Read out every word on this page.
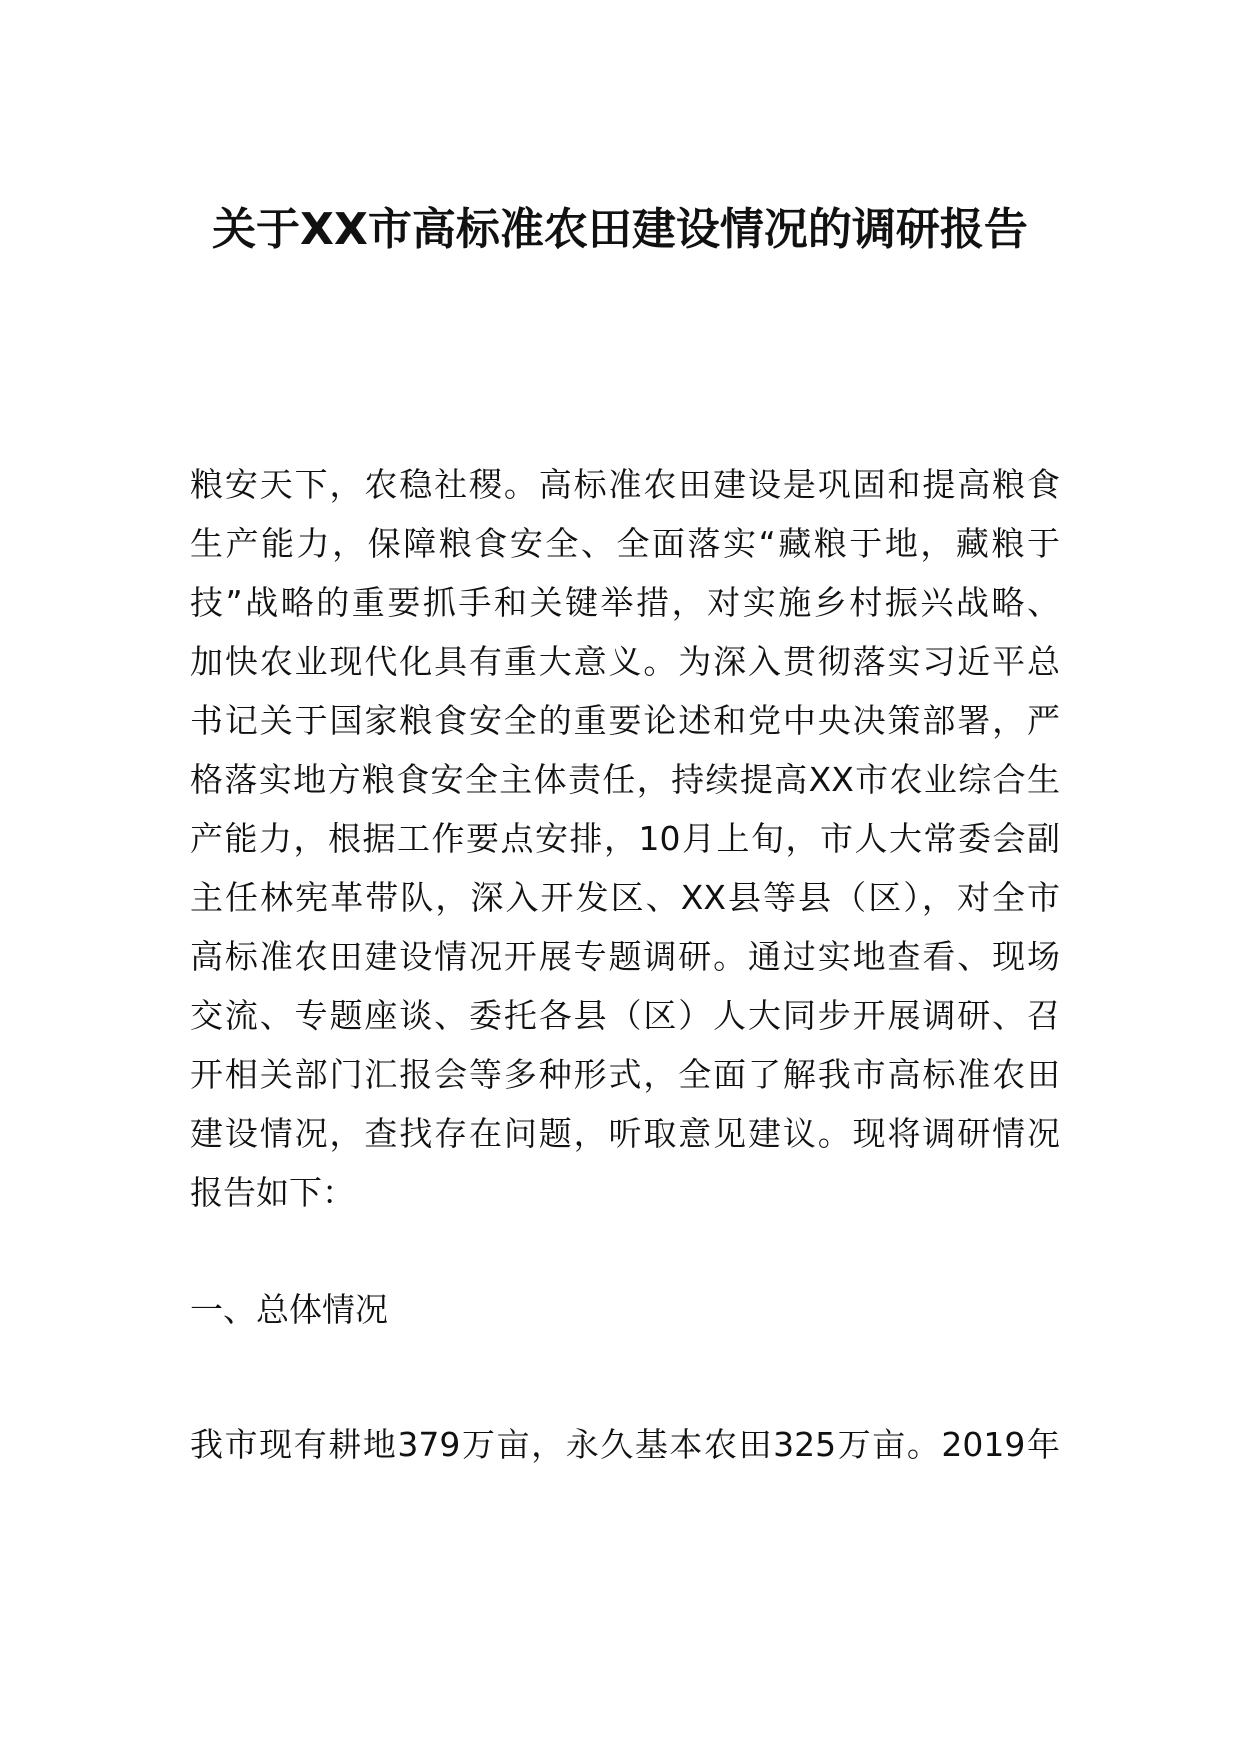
关于XX市高标准农田建设情况的调研报告

粮安天下，农稳社稷。高标准农田建设是巩固和提高粮食

生产能力，保障粮食安全、全面落实“藏粮于地，藏粮于

技”战略的重要抓手和关键举措，对实施乡村振兴战略、

加快农业现代化具有重大意义。为深入贯彻落实习近平总

书记关于国家粮食安全的重要论述和党中央决策部署，严

格落实地方粮食安全主体责任，持续提高XX市农业综合生

产能力，根据工作要点安排，10月上旬，市人大常委会副

主任林宪革带队，深入开发区、XX县等县（区），对全市

高标准农田建设情况开展专题调研。通过实地查看、现场

交流、专题座谈、委托各县（区）人大同步开展调研、召

开相关部门汇报会等多种形式，全面了解我市高标准农田

建设情况，查找存在问题，听取意见建议。现将调研情况

报告如下：

一、总体情况

我市现有耕地379万亩，永久基本农田325万亩。2019年
